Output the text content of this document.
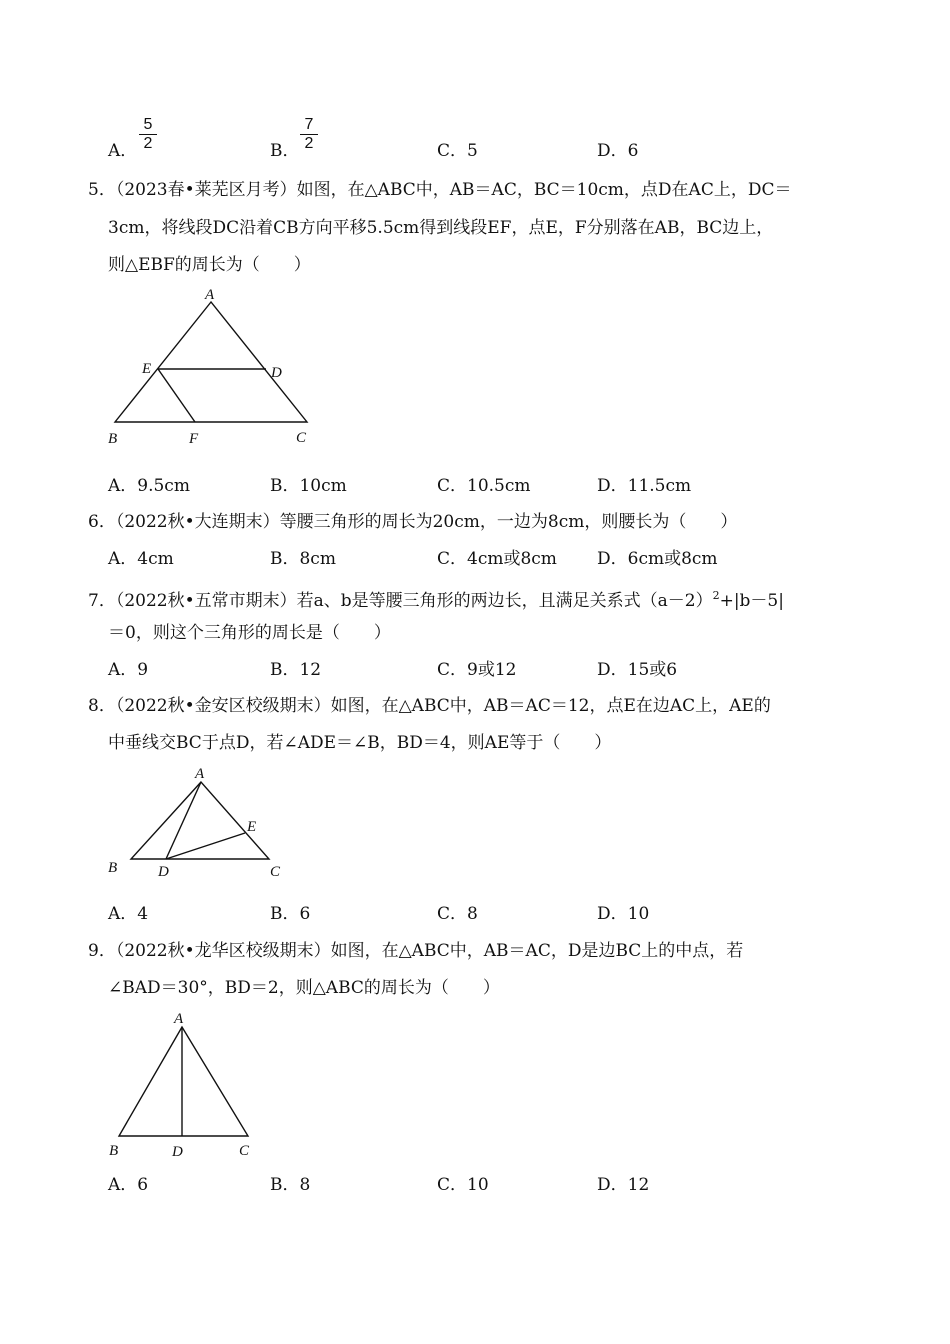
A．
5
2	B．
7
2	C．5	D．6
5．（2023春•莱芜区月考）如图，在△ABC中，AB＝AC，BC＝10cm，点D在AC上，DC＝
3cm，将线段DC沿着CB方向平移5.5cm得到线段EF，点E，F分别落在AB，BC边上，
则△EBF的周长为（　　）
A
E	D
B	F	C
A．9.5cm	B．10cm	C．10.5cm	D．11.5cm
6．（2022秋•大连期末）等腰三角形的周长为20cm，一边为8cm，则腰长为（　　）
A．4cm	B．8cm	C．4cm或8cm D．6cm或8cm
7．（2022秋•五常市期末）若a、b是等腰三角形的两边长，且满足关系式$(a-2)^2+|b-5|$
＝0，则这个三角形的周长是（　　）
A．9	B．12	C．9或12	D．15或6
8．（2022秋•金安区校级期末）如图，在△ABC中，AB＝AC＝12，点E在边AC上，AE的
中垂线交BC于点D，若∠ADE＝∠B，BD＝4，则AE等于（　　）
A
E
B	D	C
A．4	B．6	C．8	D．10
9．（2022秋•龙华区校级期末）如图，在△ABC中，AB＝AC，D是边BC上的中点，若
∠BAD＝30°，BD＝2，则△ABC的周长为（　　）
A
B	D	C
A．6	B．8	C．10	D．12
